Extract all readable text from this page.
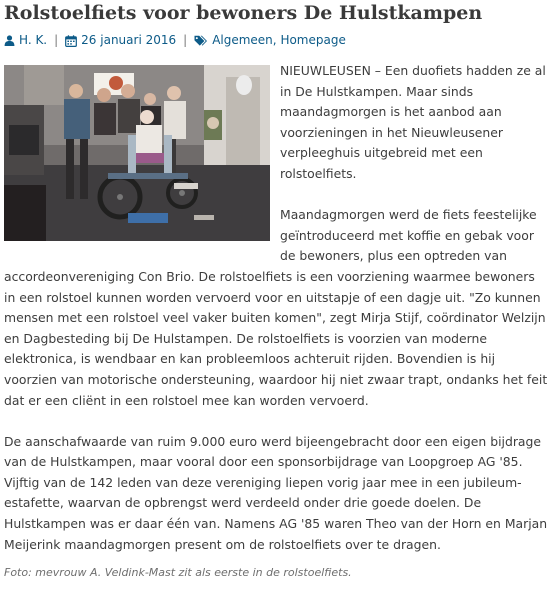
Rolstoelfiets voor bewoners De Hulstkampen
H. K. | 26 januari 2016 | Algemeen , Homepage

NIEUWLEUSEN – Een duofiets hadden ze al in De Hulstkampen. Maar sinds maandagmorgen is het aanbod aan voorzieningen in het Nieuwleusener verpleeghuis uitgebreid met een rolstoelfiets.

Maandagmorgen werd de fiets feestelijke geïntroduceerd met koffie en gebak voor de bewoners, plus een optreden van

accordeonvereniging Con Brio. De rolstoelfiets is een voorziening waarmee bewoners in een rolstoel kunnen worden vervoerd voor en uitstapje of een dagje uit. "Zo kunnen mensen met een rolstoel veel vaker buiten komen", zegt Mirja Stijf, coördinator Welzijn en Dagbesteding bij De Hulstampen. De rolstoelfiets is voorzien van moderne elektronica, is wendbaar en kan probleemloos achteruit rijden. Bovendien is hij voorzien van motorische ondersteuning, waardoor hij niet zwaar trapt, ondanks het feit dat er een cliënt in een rolstoel mee kan worden vervoerd.

De aanschafwaarde van ruim 9.000 euro werd bijeengebracht door een eigen bijdrage van de Hulstkampen, maar vooral door een sponsorbijdrage van Loopgroep AG '85. Vijftig van de 142 leden van deze vereniging liepen vorig jaar mee in een jubileum-estafette, waarvan de opbrengst werd verdeeld onder drie goede doelen. De Hulstkampen was er daar één van. Namens AG '85 waren Theo van der Horn en Marjan Meijerink maandagmorgen present om de rolstoelfiets over te dragen.

Foto: mevrouw A. Veldink-Mast zit als eerste in de rolstoelfiets.
